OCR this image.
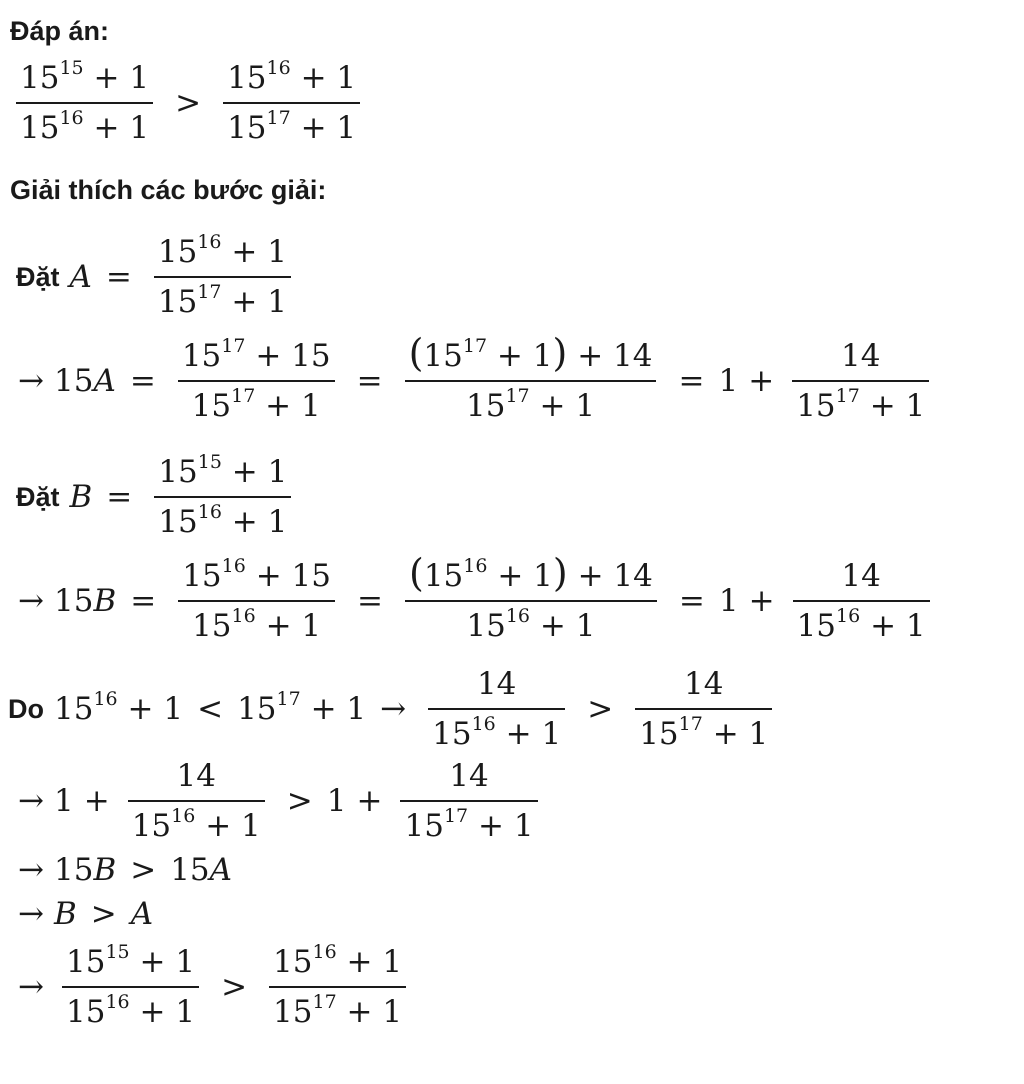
Đáp án:
$\frac{15^{15} + 1}{15^{16} + 1} > \frac{15^{16} + 1}{15^{17} + 1}$
Giải thích các bước giải:
Đặt $A = \frac{15^{16} + 1}{15^{17} + 1}$
→ 15 $A = \frac{15^{17} + 15}{15^{17} + 1} = \frac{(15^{17} + 1) + 14}{15^{17} + 1} = 1 + \frac{14}{15^{17} + 1}$
Đặt $B = \frac{15^{15} + 1}{15^{16} + 1}$
→ 15 $B = \frac{15^{16} + 15}{15^{16} + 1} = \frac{(15^{16} + 1) + 14}{15^{16} + 1} = 1 + \frac{14}{15^{16} + 1}$
Do $15^{16} + 1 < 15^{17} + 1 \to \frac{14}{15^{16} + 1} > \frac{14}{15^{17} + 1}$
→ $1 + \frac{14}{15^{16} + 1} > 1 + \frac{14}{15^{17} + 1}$
→ 15 B > 15 A
→ B > A
→ $\frac{15^{15} + 1}{15^{16} + 1} > \frac{15^{16} + 1}{15^{17} + 1}$
